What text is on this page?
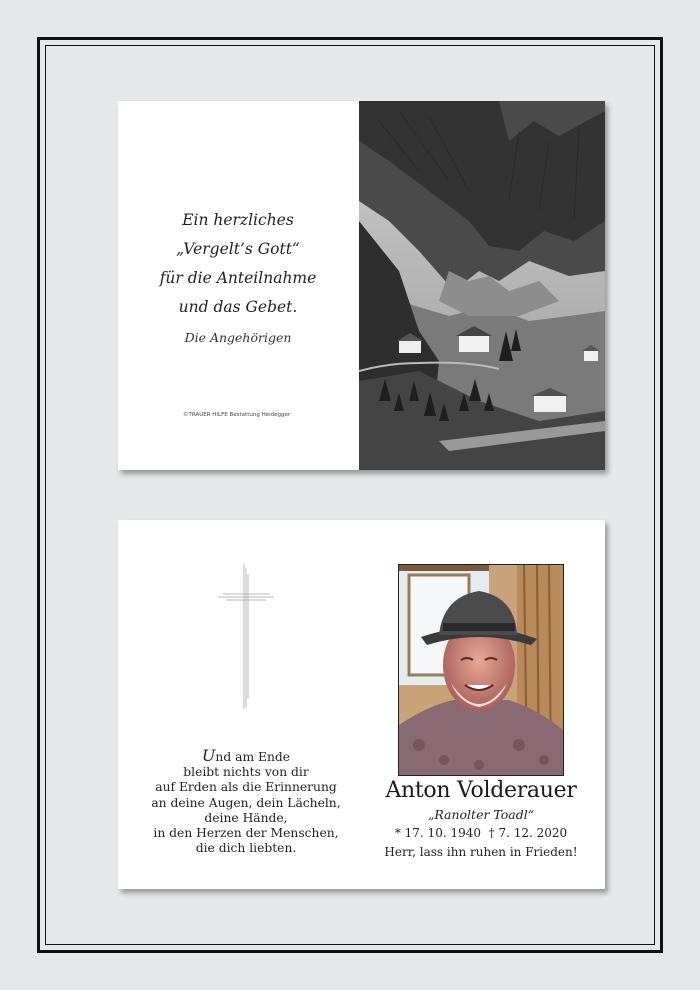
Ein herzliches
„Vergelt’s Gott“
für die Anteilnahme
und das Gebet.
Die Angehörigen
©TRAUER HILFE Bestattung Heidegger
Und am Ende
bleibt nichts von dir
auf Erden als die Erinnerung
an deine Augen, dein Lächeln,
deine Hände,
in den Herzen der Menschen,
die dich liebten.
Anton Volderauer
„Ranolter Toadl“
* 17. 10. 1940 † 7. 12. 2020
Herr, lass ihn ruhen in Frieden!
